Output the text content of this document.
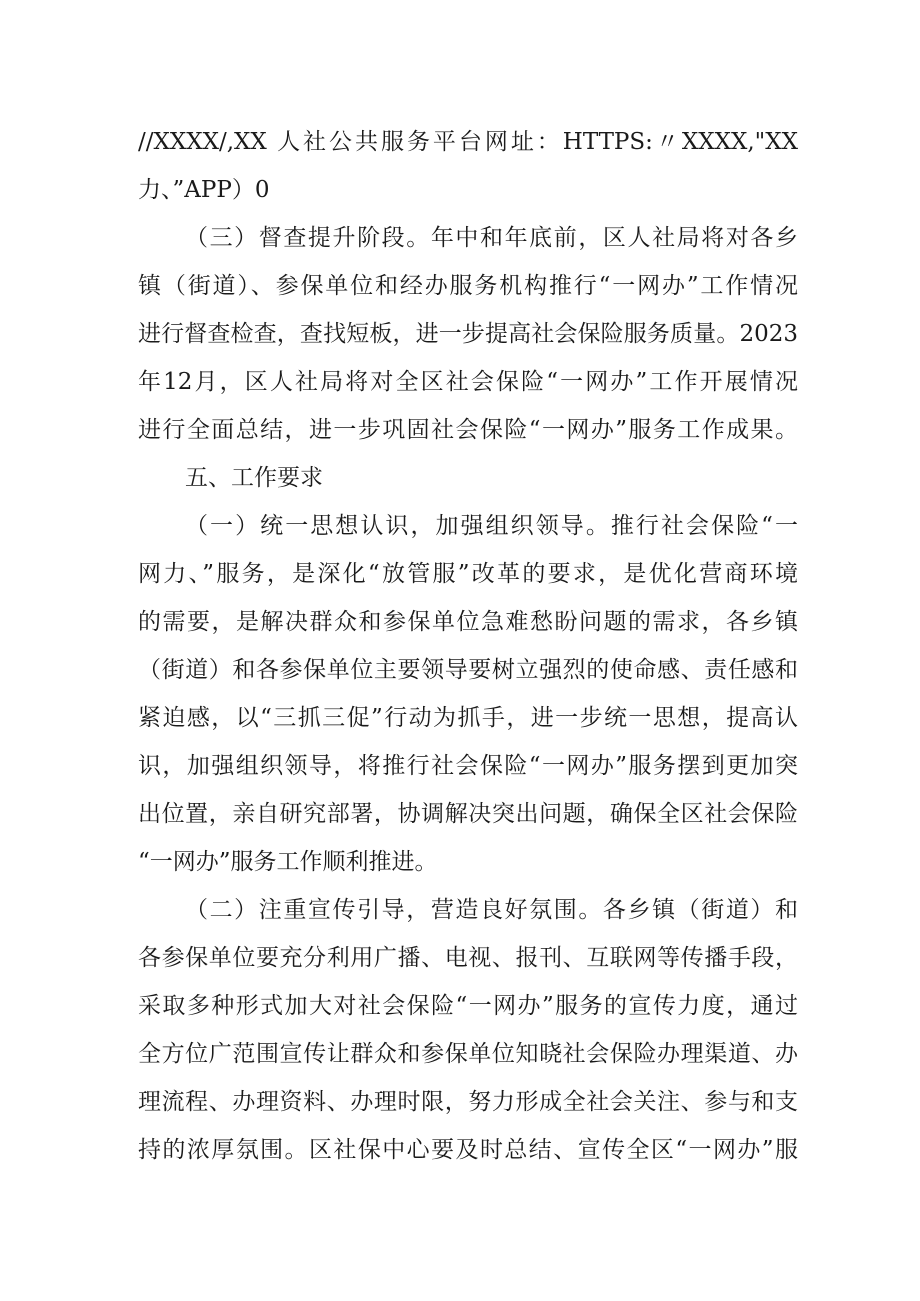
//XXXX/,XX 人社公共服务平台网址：HTTPS:〃XXXX,"XX
力、”APP）0
（三）督查提升阶段。年中和年底前，区人社局将对各乡
镇（街道）、参保单位和经办服务机构推行“一网办”工作情况
进行督查检查，查找短板，进一步提高社会保险服务质量。2023
年12月，区人社局将对全区社会保险“一网办”工作开展情况
进行全面总结，进一步巩固社会保险“一网办”服务工作成果。
五、工作要求
（一）统一思想认识，加强组织领导。推行社会保险“一
网力、”服务，是深化“放管服”改革的要求，是优化营商环境
的需要，是解决群众和参保单位急难愁盼问题的需求，各乡镇
（街道）和各参保单位主要领导要树立强烈的使命感、责任感和
紧迫感，以“三抓三促”行动为抓手，进一步统一思想，提高认
识，加强组织领导，将推行社会保险“一网办”服务摆到更加突
出位置，亲自研究部署，协调解决突出问题，确保全区社会保险
“一网办”服务工作顺利推进。
（二）注重宣传引导，营造良好氛围。各乡镇（街道）和
各参保单位要充分利用广播、电视、报刊、互联网等传播手段，
采取多种形式加大对社会保险“一网办”服务的宣传力度，通过
全方位广范围宣传让群众和参保单位知晓社会保险办理渠道、办
理流程、办理资料、办理时限，努力形成全社会关注、参与和支
持的浓厚氛围。区社保中心要及时总结、宣传全区“一网办”服
